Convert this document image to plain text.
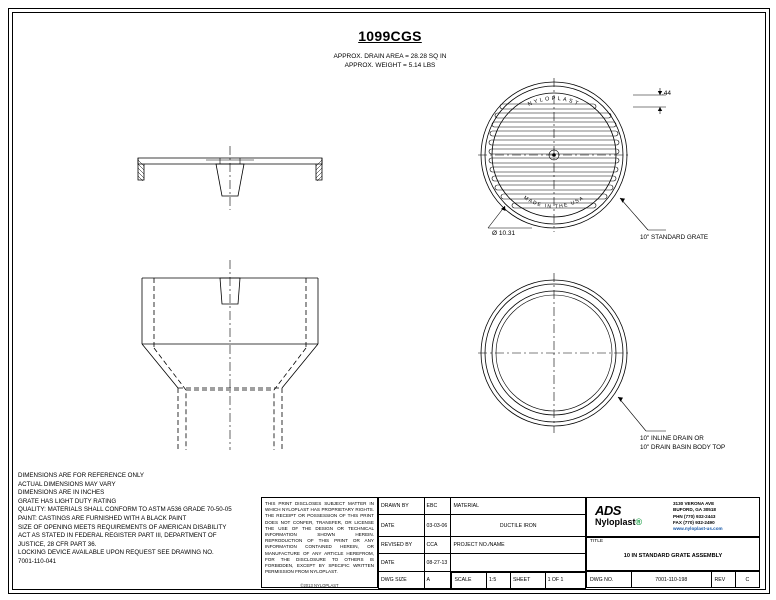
1099CGS
APPROX. DRAIN AREA = 28.28 SQ IN
APPROX. WEIGHT = 5.14 LBS
NYLOPLAST
MADE IN THE USA
.44
Ø 10.31
10" STANDARD GRATE
10" INLINE DRAIN OR
10" DRAIN BASIN BODY TOP
DIMENSIONS ARE FOR REFERENCE ONLY
ACTUAL DIMENSIONS MAY VARY
DIMENSIONS ARE IN INCHES
GRATE HAS LIGHT DUTY RATING
QUALITY: MATERIALS SHALL CONFORM TO ASTM A536 GRADE 70-50-05
PAINT: CASTINGS ARE FURNISHED WITH A BLACK PAINT
SIZE OF OPENING MEETS REQUIREMENTS OF AMERICAN DISABILITY
ACT AS STATED IN FEDERAL REGISTER PART III, DEPARTMENT OF
JUSTICE, 28 CFR PART 36.
LOCKING DEVICE AVAILABLE UPON REQUEST SEE DRAWING NO.
7001-110-041
THIS PRINT DISCLOSES SUBJECT MATTER IN WHICH NYLOPLAST HAS PROPRIETARY RIGHTS. THE RECEIPT OR POSSESSION OF THIS PRINT DOES NOT CONFER, TRANSFER, OR LICENSE THE USE OF THE DESIGN OR TECHNICAL INFORMATION SHOWN HEREIN. REPRODUCTION OF THIS PRINT OR ANY INFORMATION CONTAINED HEREIN, OR MANUFACTURE OF ANY ARTICLE HEREFROM, FOR THE DISCLOSURE TO OTHERS IS FORBIDDEN, EXCEPT BY SPECIFIC WRITTEN PERMISSION FROM NYLOPLAST.
©2013 NYLOPLAST
DRAWN BY	EBC	MATERIAL
DATE	03-03-06	DUCTILE IRON
REVISED BY	CCA	PROJECT NO./NAME
DATE	08-27-13	
DWG SIZE	A		SCALE	1:5	SHEET	1 OF 1
ADS
Nyloplast®
3130 VERONA AVE
BUFORD, GA 30518
PHN (770) 932-2443
FAX (770) 932-2490
www.nyloplast-us.com
TITLE
10 IN STANDARD GRATE ASSEMBLY
DWG NO.	7001-110-198	REV	C
